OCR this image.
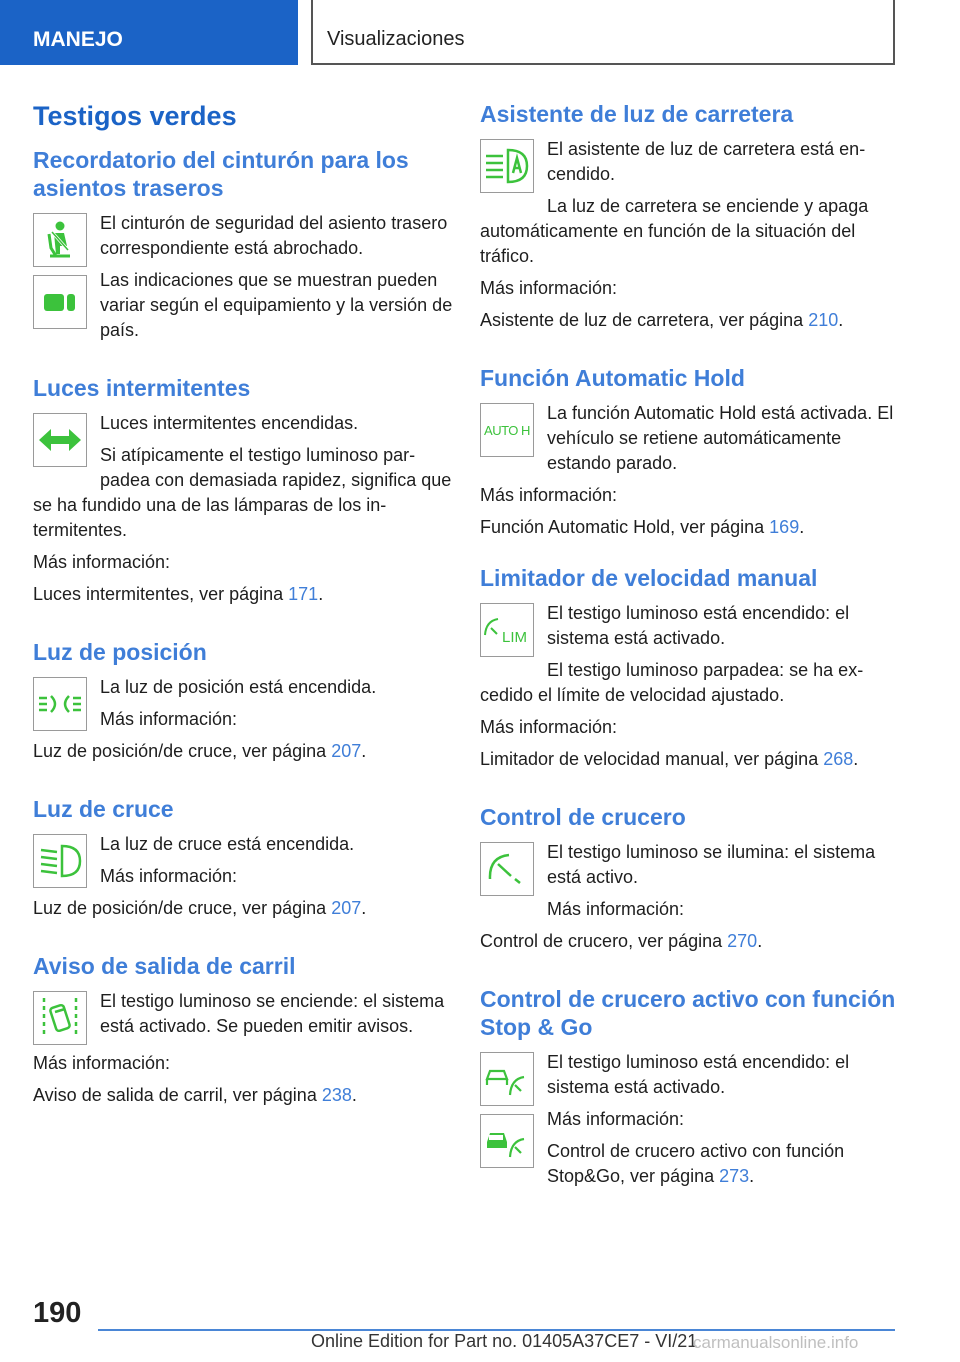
MANEJO	Visualizaciones
Testigos verdes
Recordatorio del cinturón para los asientos traseros

El cinturón de seguridad del asiento trasero correspondiente está abrochado.

Las indicaciones que se muestran pueden variar según el equipamiento y la versión de país.

Luces intermitentes

Luces intermitentes encendidas.

Si atípicamente el testigo luminoso parpadea con demasiada rapidez, significa que se ha fundido una de las lámparas de los intermitentes.

Más información:

Luces intermitentes, ver página 171.

Luz de posición

La luz de posición está encendida.

Más información:

Luz de posición/de cruce, ver página 207.

Luz de cruce

La luz de cruce está encendida.

Más información:

Luz de posición/de cruce, ver página 207.

Aviso de salida de carril

El testigo luminoso se enciende: el sistema está activado. Se pueden emitir avisos.

Más información:

Aviso de salida de carril, ver página 238.

Asistente de luz de carretera

El asistente de luz de carretera está encendido.

La luz de carretera se enciende y apaga automáticamente en función de la situación del tráfico.

Más información:

Asistente de luz de carretera, ver página 210.

Función Automatic Hold
AUTO H

La función Automatic Hold está activada. El vehículo se retiene automáticamente estando parado.

Más información:

Función Automatic Hold, ver página 169.

Limitador de velocidad manual
LIM

El testigo luminoso está encendido: el sistema está activado.

El testigo luminoso parpadea: se ha excedido el límite de velocidad ajustado.

Más información:

Limitador de velocidad manual, ver página 268.

Control de crucero

El testigo luminoso se ilumina: el sistema está activo.

Más información:

Control de crucero, ver página 270.

Control de crucero activo con función Stop & Go

El testigo luminoso está encendido: el sistema está activado.

Más información:

Control de crucero activo con función Stop&Go, ver página 273.

190
Online Edition for Part no. 01405A37CE7 - VI/21
carmanualsonline.info
